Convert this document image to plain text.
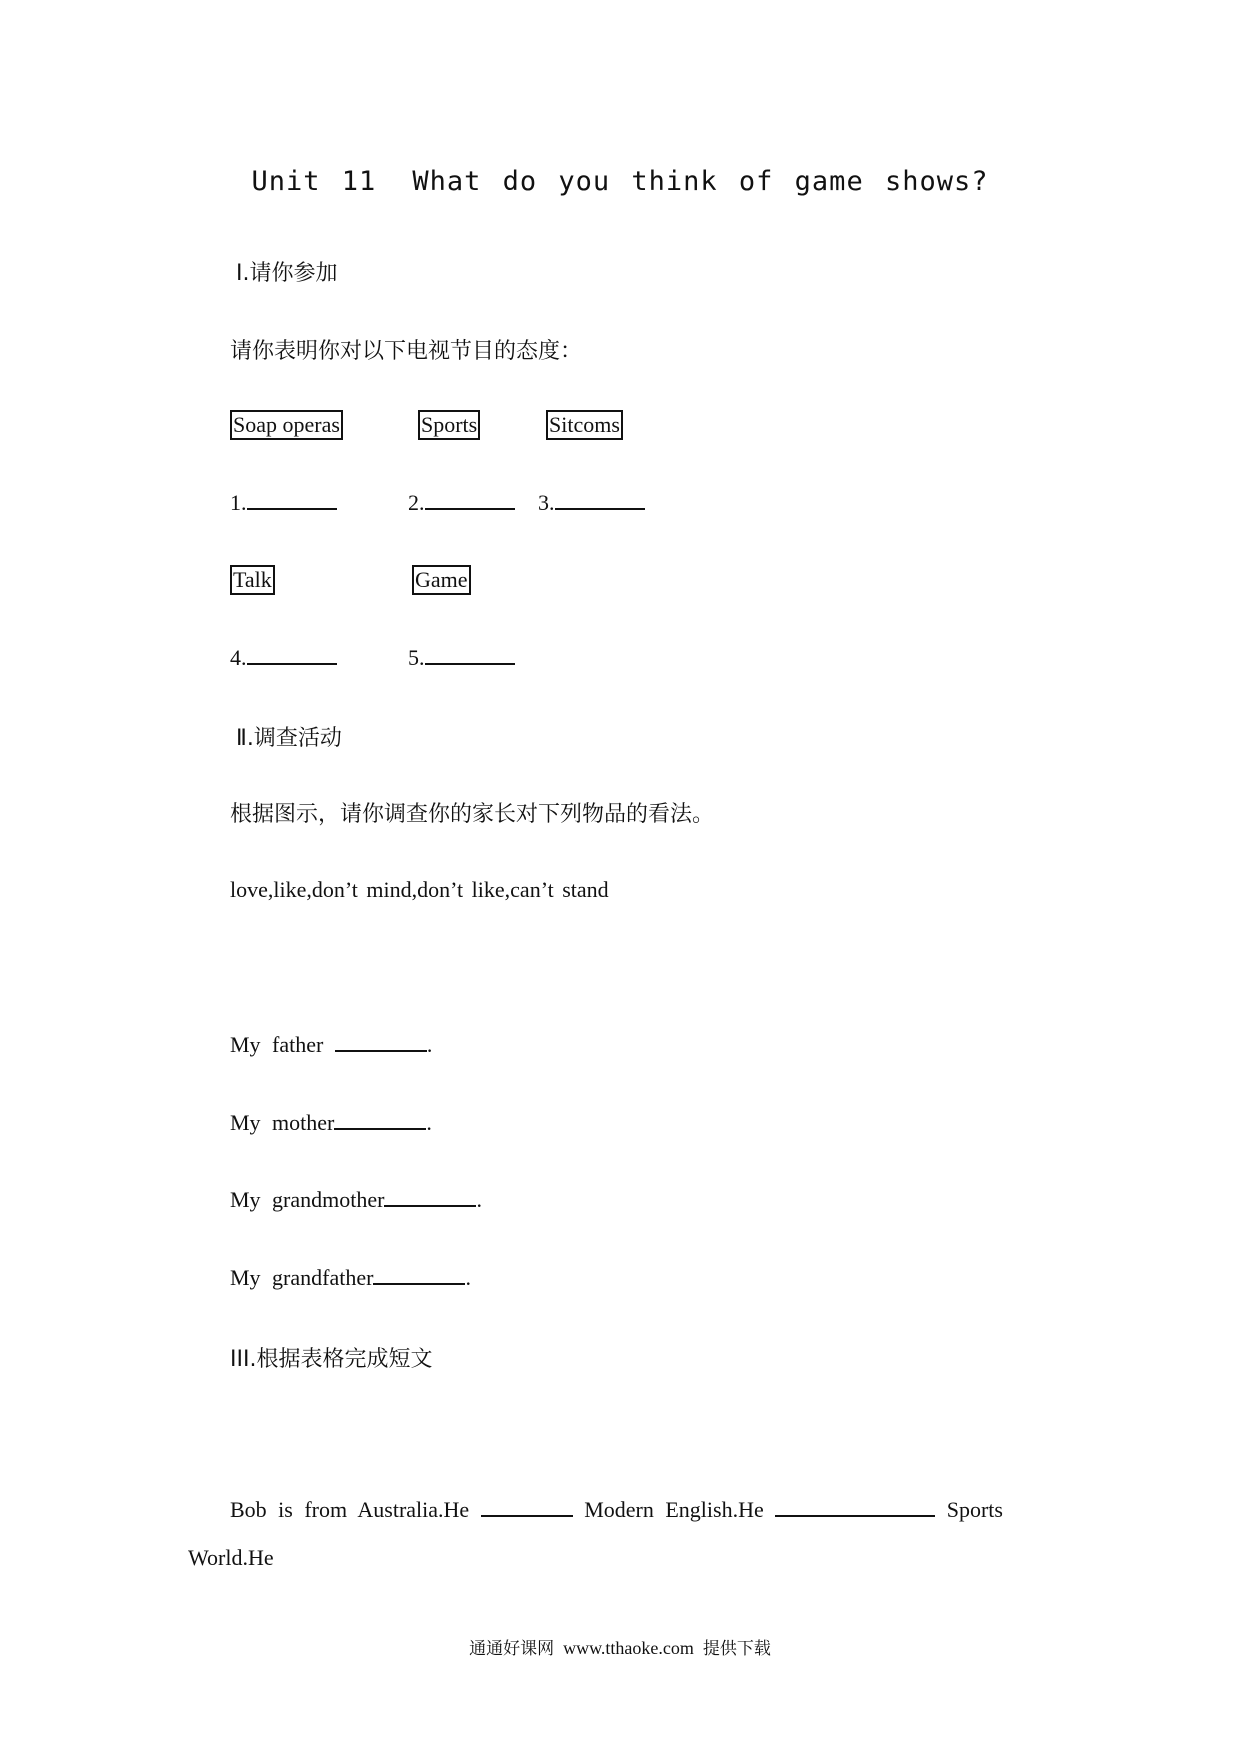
Unit 11 What do you think of game shows?
Ⅰ.请你参加
请你表明你对以下电视节目的态度：
Soap operas	Sports	Sitcoms
1.	2.	3.
Talk	Game
4.	5.
Ⅱ.调查活动
根据图示，请你调查你的家长对下列物品的看法。
love,like,don’t mind,don’t like,can’t stand
My father	.
My mother	.
My grandmother	.
My grandfather	.
III.根据表格完成短文
Bob is from Australia.He	Modern English.He	Sports
World.He
通通好课网 www.tthaoke.com 提供下载
